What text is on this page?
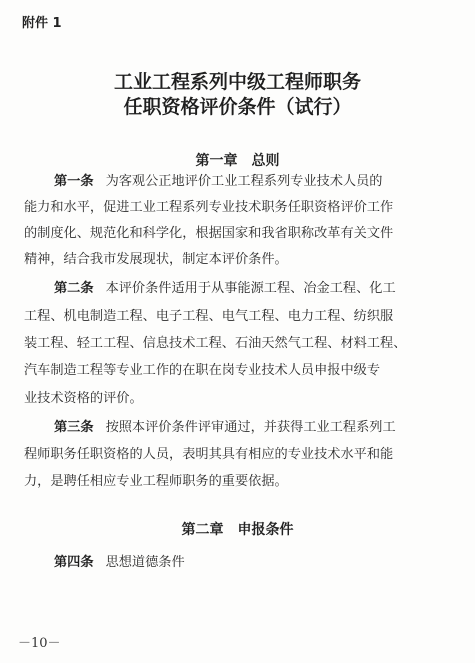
附件 1
工业工程系列中级工程师职务
任职资格评价条件（试行）
第一章 总则
第一条 为客观公正地评价工业工程系列专业技术人员的
能力和水平，促进工业工程系列专业技术职务任职资格评价工作
的制度化、规范化和科学化，根据国家和我省职称改革有关文件
精神，结合我市发展现状，制定本评价条件。
第二条 本评价条件适用于从事能源工程、冶金工程、化工
工程、机电制造工程、电子工程、电气工程、电力工程、纺织服
装工程、轻工工程、信息技术工程、石油天然气工程、材料工程、
汽车制造工程等专业工作的在职在岗专业技术人员申报中级专
业技术资格的评价。
第三条 按照本评价条件评审通过，并获得工业工程系列工
程师职务任职资格的人员，表明其具有相应的专业技术水平和能
力，是聘任相应专业工程师职务的重要依据。
第二章 申报条件
第四条 思想道德条件
－10－
